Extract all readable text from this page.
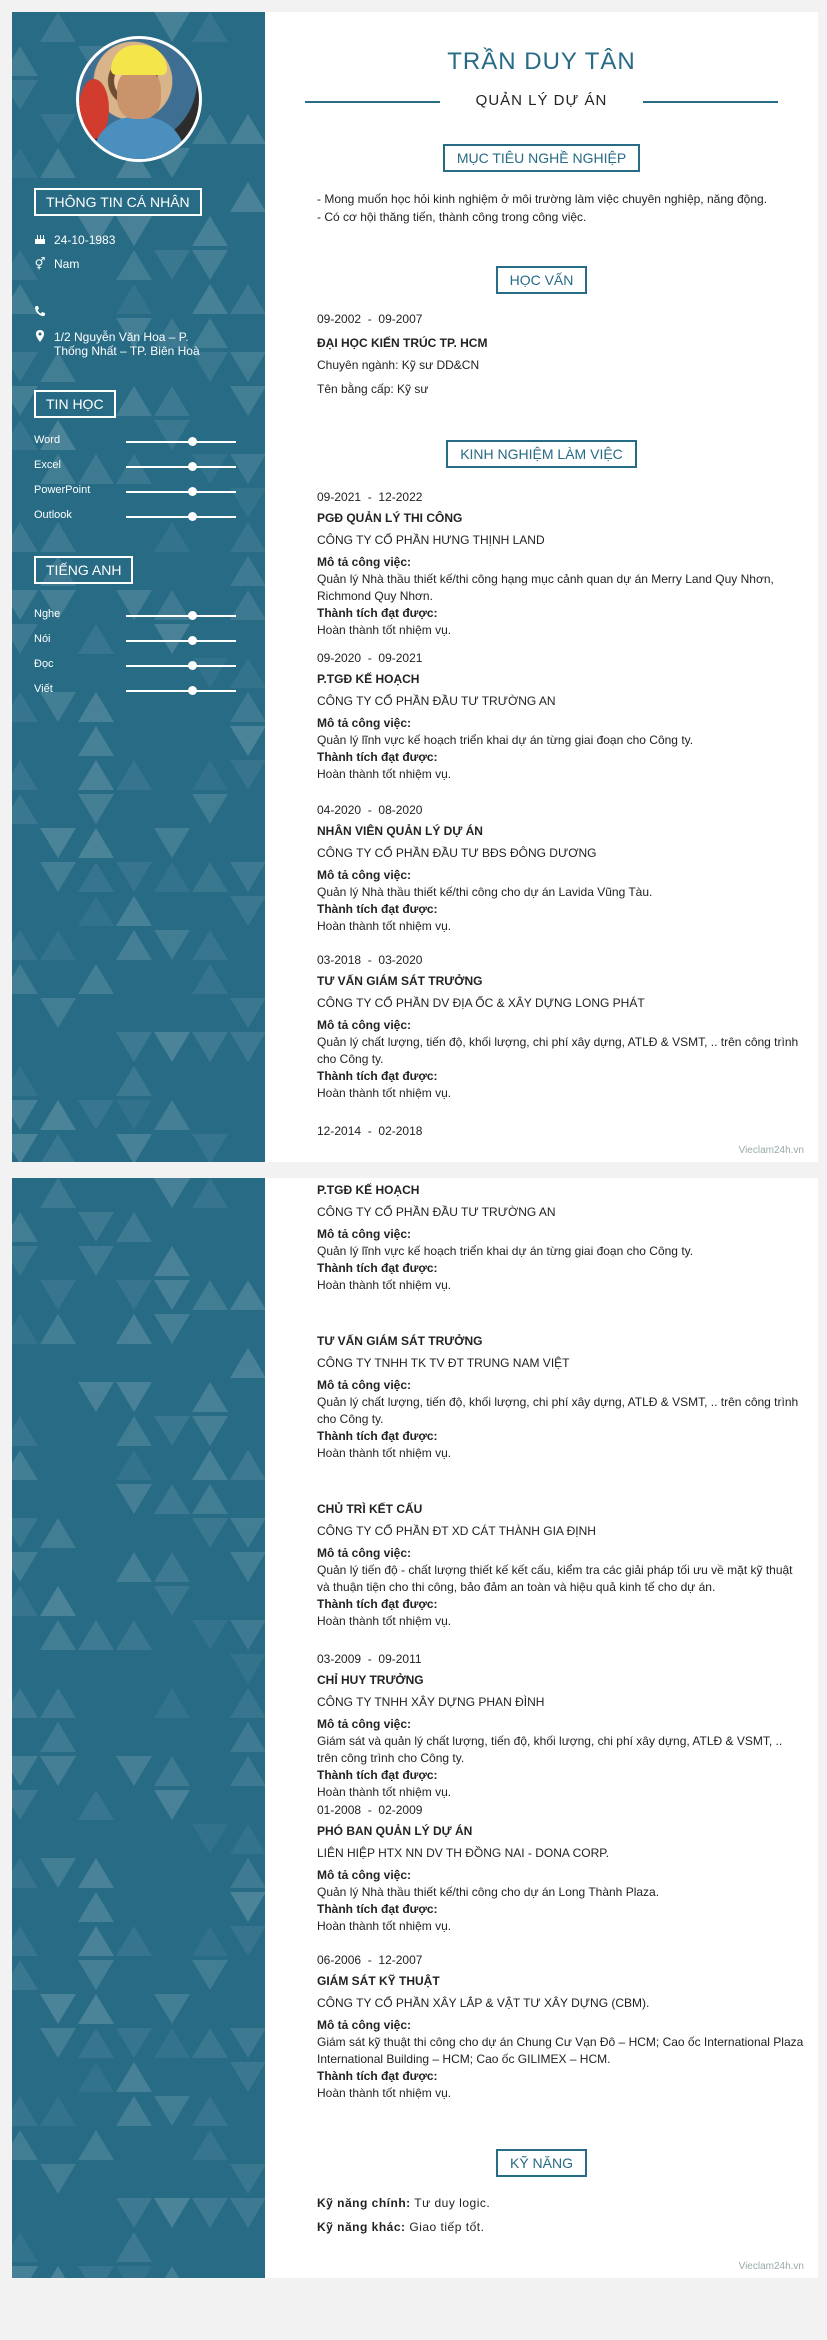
THÔNG TIN CÁ NHÂN
24-10-1983
⚥ Nam
1/2 Nguyễn Văn Hoa – P. Thống Nhất – TP. Biên Hoà
TIN HỌC
Word
Excel
PowerPoint
Outlook
TIẾNG ANH
Nghe
Nói
Đọc
Viết
TRẦN DUY TÂN
QUẢN LÝ DỰ ÁN
MỤC TIÊU NGHỀ NGHIỆP
- Mong muốn học hỏi kinh nghiệm ở môi trường làm việc chuyên nghiệp, năng động.
- Có cơ hội thăng tiến, thành công trong công việc.
HỌC VẤN
09-2002  -  09-2007
ĐẠI HỌC KIẾN TRÚC TP. HCM
Chuyên ngành: Kỹ sư DD&CN
Tên bằng cấp: Kỹ sư
KINH NGHIỆM LÀM VIỆC
09-2021  -  12-2022
PGĐ QUẢN LÝ THI CÔNG
CÔNG TY CỔ PHẦN HƯNG THỊNH LAND
Mô tả công việc:
Quản lý Nhà thầu thiết kế/thi công hạng mục cảnh quan dự án Merry Land Quy Nhơn, Richmond Quy Nhơn.
Thành tích đạt được:
Hoàn thành tốt nhiệm vụ.
09-2020  -  09-2021
P.TGĐ KẾ HOẠCH
CÔNG TY CỔ PHẦN ĐẦU TƯ TRƯỜNG AN
Mô tả công việc:
Quản lý lĩnh vực kế hoạch triển khai dự án từng giai đoạn cho Công ty.
Thành tích đạt được:
Hoàn thành tốt nhiệm vụ.
04-2020  -  08-2020
NHÂN VIÊN QUẢN LÝ DỰ ÁN
CÔNG TY CỔ PHẦN ĐẦU TƯ BĐS ĐÔNG DƯƠNG
Mô tả công việc:
Quản lý Nhà thầu thiết kế/thi công cho dự án Lavida Vũng Tàu.
Thành tích đạt được:
Hoàn thành tốt nhiệm vụ.
03-2018  -  03-2020
TƯ VẤN GIÁM SÁT TRƯỞNG
CÔNG TY CỔ PHẦN DV ĐỊA ỐC & XÂY DỰNG LONG PHÁT
Mô tả công việc:
Quản lý chất lượng, tiến độ, khối lượng, chi phí xây dựng, ATLĐ & VSMT, .. trên công trình cho Công ty.
Thành tích đạt được:
Hoàn thành tốt nhiệm vụ.
12-2014  -  02-2018
Vieclam24h.vn
P.TGĐ KẾ HOẠCH
CÔNG TY CỔ PHẦN ĐẦU TƯ TRƯỜNG AN
Mô tả công việc:
Quản lý lĩnh vực kế hoạch triển khai dự án từng giai đoạn cho Công ty.
Thành tích đạt được:
Hoàn thành tốt nhiệm vụ.
TƯ VẤN GIÁM SÁT TRƯỞNG
CÔNG TY TNHH TK TV ĐT TRUNG NAM VIỆT
Mô tả công việc:
Quản lý chất lượng, tiến độ, khối lượng, chi phí xây dựng, ATLĐ & VSMT, .. trên công trình cho Công ty.
Thành tích đạt được:
Hoàn thành tốt nhiệm vụ.
CHỦ TRÌ KẾT CẤU
CÔNG TY CỔ PHẦN ĐT XD CÁT THÀNH GIA ĐỊNH
Mô tả công việc:
Quản lý tiến độ - chất lượng thiết kế kết cấu, kiểm tra các giải pháp tối ưu về mặt kỹ thuật và thuận tiện cho thi công, bảo đảm an toàn và hiệu quả kinh tế cho dự án.
Thành tích đạt được:
Hoàn thành tốt nhiệm vụ.
03-2009  -  09-2011
CHỈ HUY TRƯỞNG
CÔNG TY TNHH XÂY DỰNG PHAN ĐÌNH
Mô tả công việc:
Giám sát và quản lý chất lượng, tiến độ, khối lượng, chi phí xây dựng, ATLĐ & VSMT, .. trên công trình cho Công ty.
Thành tích đạt được:
Hoàn thành tốt nhiệm vụ.
01-2008  -  02-2009
PHÓ BAN QUẢN LÝ DỰ ÁN
LIÊN HIỆP HTX NN DV TH ĐỒNG NAI - DONA CORP.
Mô tả công việc:
Quản lý Nhà thầu thiết kế/thi công cho dự án Long Thành Plaza.
Thành tích đạt được:
Hoàn thành tốt nhiệm vụ.
06-2006  -  12-2007
GIÁM SÁT KỸ THUẬT
CÔNG TY CỔ PHẦN XÂY LẮP & VẬT TƯ XÂY DỰNG (CBM).
Mô tả công việc:
Giám sát kỹ thuật thi công cho dự án Chung Cư Vạn Đô – HCM; Cao ốc International Plaza International Building – HCM; Cao ốc GILIMEX – HCM.
Thành tích đạt được:
Hoàn thành tốt nhiệm vụ.
KỸ NĂNG
Kỹ năng chính: Tư duy logic.
Kỹ năng khác: Giao tiếp tốt.
Vieclam24h.vn
